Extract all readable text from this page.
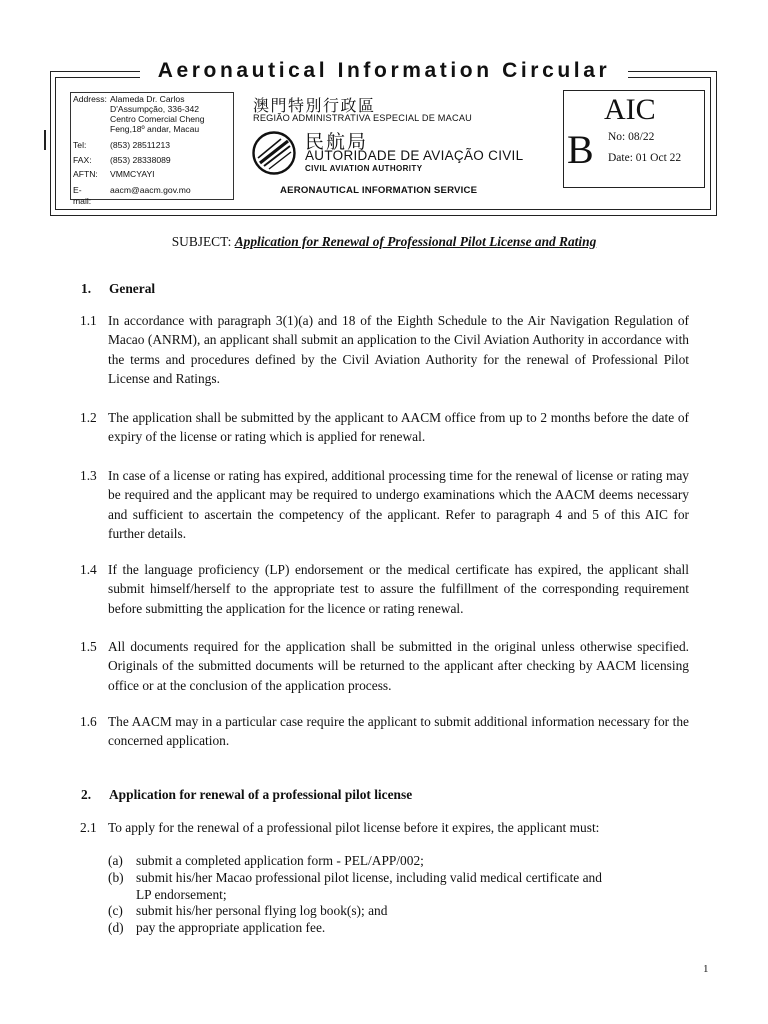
Aeronautical Information Circular
Address: Alameda Dr. Carlos
D'Assumpção, 336-342
Centro Comercial Cheng
Feng,18º andar, Macau
Tel:	(853) 28511213
FAX: (853) 28338089
AFTN: VMMCYAYI
E-mail:
aacm@aacm.gov.mo
澳門特別行政區
REGIÃO ADMINISTRATIVA ESPECIAL DE MACAU
民航局
AUTORIDADE DE AVIAÇÃO CIVIL
CIVIL AVIATION AUTHORITY
AERONAUTICAL INFORMATION SERVICE
AIC
B No: 08/22
Date: 01 Oct 22
SUBJECT: Application for Renewal of Professional Pilot License and Rating
1. General
1.1 In accordance with paragraph 3(1)(a) and 18 of the Eighth Schedule to the Air Navigation Regulation of Macao (ANRM), an applicant shall submit an application to the Civil Aviation Authority in accordance with the terms and procedures defined by the Civil Aviation Authority for the renewal of Professional Pilot License and Ratings.
1.2 The application shall be submitted by the applicant to AACM office from up to 2 months before the date of expiry of the license or rating which is applied for renewal.
1.3 In case of a license or rating has expired, additional processing time for the renewal of license or rating may be required and the applicant may be required to undergo examinations which the AACM deems necessary and sufficient to ascertain the competency of the applicant. Refer to paragraph 4 and 5 of this AIC for further details.
1.4 If the language proficiency (LP) endorsement or the medical certificate has expired, the applicant shall submit himself/herself to the appropriate test to assure the fulfillment of the corresponding requirement before submitting the application for the licence or rating renewal.
1.5 All documents required for the application shall be submitted in the original unless otherwise specified. Originals of the submitted documents will be returned to the applicant after checking by AACM licensing office or at the conclusion of the application process.
1.6 The AACM may in a particular case require the applicant to submit additional information necessary for the concerned application.
2. Application for renewal of a professional pilot license
2.1 To apply for the renewal of a professional pilot license before it expires, the applicant must:
(a) submit a completed application form - PEL/APP/002;
(b) submit his/her Macao professional pilot license, including valid medical certificate and
LP endorsement;
(c) submit his/her personal flying log book(s); and
(d) pay the appropriate application fee.
1
